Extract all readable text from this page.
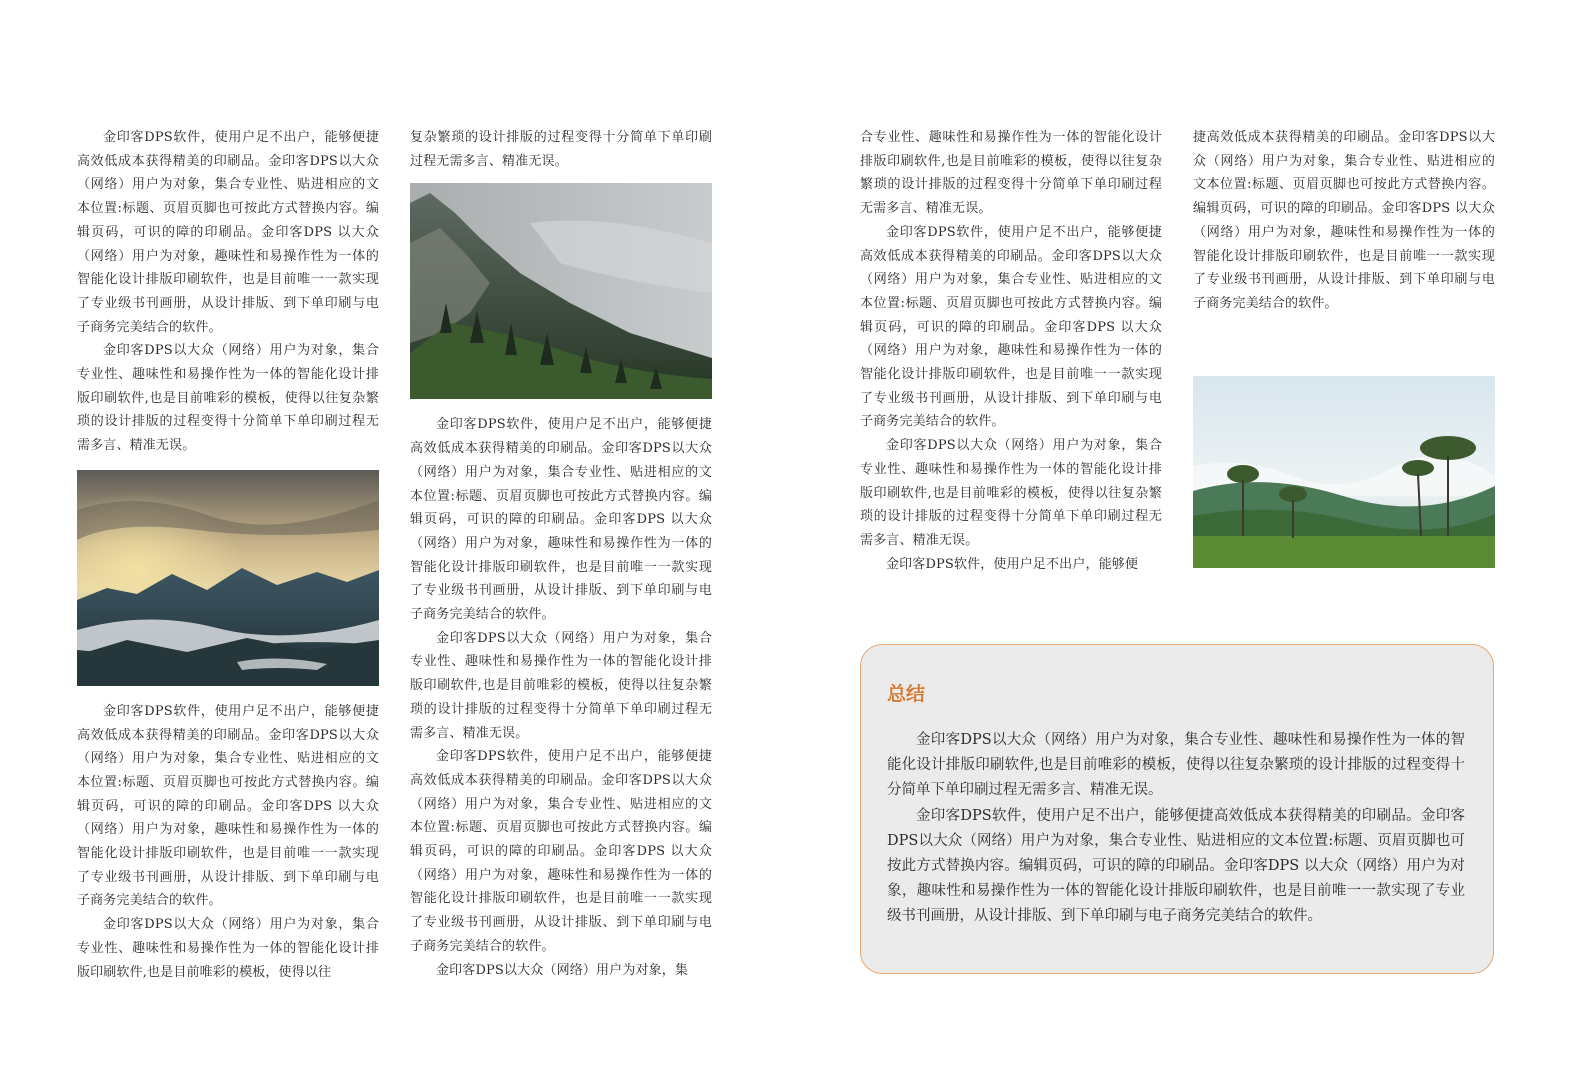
金印客DPS软件，使用户足不出户，能够便捷高效低成本获得精美的印刷品。金印客DPS以大众（网络）用户为对象，集合专业性、贴进相应的文本位置:标题、页眉页脚也可按此方式替换内容。编辑页码，可识的障的印刷品。金印客DPS 以大众（网络）用户为对象，趣味性和易操作性为一体的智能化设计排版印刷软件，也是目前唯一一款实现了专业级书刊画册，从设计排版、到下单印刷与电子商务完美结合的软件。

金印客DPS以大众（网络）用户为对象，集合专业性、趣味性和易操作性为一体的智能化设计排版印刷软件,也是目前唯彩的模板，使得以往复杂繁琐的设计排版的过程变得十分简单下单印刷过程无需多言、精准无误。

金印客DPS软件，使用户足不出户，能够便捷高效低成本获得精美的印刷品。金印客DPS以大众（网络）用户为对象，集合专业性、贴进相应的文本位置:标题、页眉页脚也可按此方式替换内容。编辑页码，可识的障的印刷品。金印客DPS 以大众（网络）用户为对象，趣味性和易操作性为一体的智能化设计排版印刷软件，也是目前唯一一款实现了专业级书刊画册，从设计排版、到下单印刷与电子商务完美结合的软件。

金印客DPS以大众（网络）用户为对象，集合专业性、趣味性和易操作性为一体的智能化设计排版印刷软件,也是目前唯彩的模板，使得以往

复杂繁琐的设计排版的过程变得十分简单下单印刷过程无需多言、精准无误。

金印客DPS软件，使用户足不出户，能够便捷高效低成本获得精美的印刷品。金印客DPS以大众（网络）用户为对象，集合专业性、贴进相应的文本位置:标题、页眉页脚也可按此方式替换内容。编辑页码，可识的障的印刷品。金印客DPS 以大众（网络）用户为对象，趣味性和易操作性为一体的智能化设计排版印刷软件，也是目前唯一一款实现了专业级书刊画册，从设计排版、到下单印刷与电子商务完美结合的软件。

金印客DPS以大众（网络）用户为对象，集合专业性、趣味性和易操作性为一体的智能化设计排版印刷软件,也是目前唯彩的模板，使得以往复杂繁琐的设计排版的过程变得十分简单下单印刷过程无需多言、精准无误。

金印客DPS软件，使用户足不出户，能够便捷高效低成本获得精美的印刷品。金印客DPS以大众（网络）用户为对象，集合专业性、贴进相应的文本位置:标题、页眉页脚也可按此方式替换内容。编辑页码，可识的障的印刷品。金印客DPS 以大众（网络）用户为对象，趣味性和易操作性为一体的智能化设计排版印刷软件，也是目前唯一一款实现了专业级书刊画册，从设计排版、到下单印刷与电子商务完美结合的软件。

金印客DPS以大众（网络）用户为对象，集

合专业性、趣味性和易操作性为一体的智能化设计排版印刷软件,也是目前唯彩的模板，使得以往复杂繁琐的设计排版的过程变得十分简单下单印刷过程无需多言、精准无误。

金印客DPS软件，使用户足不出户，能够便捷高效低成本获得精美的印刷品。金印客DPS以大众（网络）用户为对象，集合专业性、贴进相应的文本位置:标题、页眉页脚也可按此方式替换内容。编辑页码，可识的障的印刷品。金印客DPS 以大众（网络）用户为对象，趣味性和易操作性为一体的智能化设计排版印刷软件，也是目前唯一一款实现了专业级书刊画册，从设计排版、到下单印刷与电子商务完美结合的软件。

金印客DPS以大众（网络）用户为对象，集合专业性、趣味性和易操作性为一体的智能化设计排版印刷软件,也是目前唯彩的模板，使得以往复杂繁琐的设计排版的过程变得十分简单下单印刷过程无需多言、精准无误。

金印客DPS软件，使用户足不出户，能够便

捷高效低成本获得精美的印刷品。金印客DPS以大众（网络）用户为对象，集合专业性、贴进相应的文本位置:标题、页眉页脚也可按此方式替换内容。编辑页码，可识的障的印刷品。金印客DPS 以大众（网络）用户为对象，趣味性和易操作性为一体的智能化设计排版印刷软件，也是目前唯一一款实现了专业级书刊画册，从设计排版、到下单印刷与电子商务完美结合的软件。

总结

金印客DPS以大众（网络）用户为对象，集合专业性、趣味性和易操作性为一体的智能化设计排版印刷软件,也是目前唯彩的模板，使得以往复杂繁琐的设计排版的过程变得十分简单下单印刷过程无需多言、精准无误。

金印客DPS软件，使用户足不出户，能够便捷高效低成本获得精美的印刷品。金印客DPS以大众（网络）用户为对象，集合专业性、贴进相应的文本位置:标题、页眉页脚也可按此方式替换内容。编辑页码，可识的障的印刷品。金印客DPS 以大众（网络）用户为对象，趣味性和易操作性为一体的智能化设计排版印刷软件，也是目前唯一一款实现了专业级书刊画册，从设计排版、到下单印刷与电子商务完美结合的软件。
